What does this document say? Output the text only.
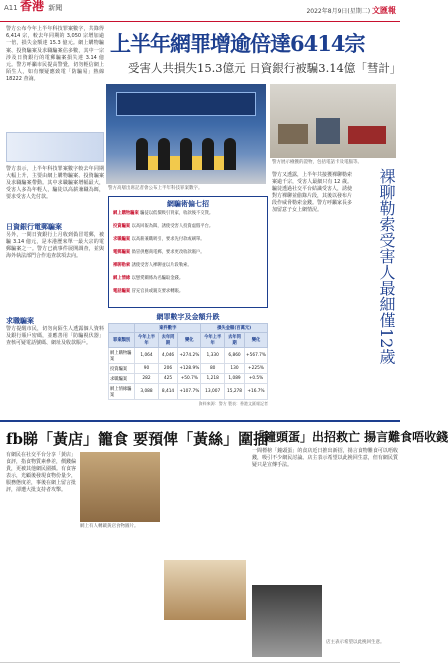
A11 香港 新聞	2022年8月9日(星期二) 文匯報
上半年網罪增逾倍達6414宗
受害人共損失15.3億元 日資銀行被騙3.14億「彗計」
警方公布今年上半年科技罪案數字，共錄得 6,414 宗，較去年同期的 3,050 宗增加逾一倍，損失金額達 15.3 億元。網上購物騙案、投資騙案及求職騙案佔多數，其中一宗涉及日資銀行的電郵騙案損失達 3.14 億元。警方呼籲市民提高警覺，切勿輕信網上陌生人，如有懷疑應致電「防騙易」熱線 18222 查詢。
警方表示，上半年科技罪案數字較去年同期大幅上升，主要由網上購物騙案、投資騙案及求職騙案帶動。其中求職騙案增幅最大，受害人多為年輕人，騙徒以高薪兼職為餌，要求受害人先付款。
日資銀行電郵騙案
另外，一間日資銀行上月收到偽冒電郵，被騙 3.14 億元，是本港歷來單一最大宗的電郵騙案之一。警方已就事件展開調查，並與海外執法部門合作追查款項去向。
求職騙案
警方提醒市民，切勿向陌生人透露個人資料及銀行賬戶密碼，並應善用「防騙視伏器」查核可疑電話號碼、網址及收款賬戶。
警方高層出席記者會公布上半年科技罪案數字。
警方展示檢獲的證物，包括電話卡及電腦等。
警方又透露，上半年共接獲裸聊勒索案逾千宗，受害人最細只有 12 歲。騙徒透過社交平台結識受害人，誘使對方裸聊並偷錄片段，其後以發布片段作威脅勒索金錢。警方呼籲家長多加留意子女上網情況。	裸聊勒索受害人最細僅12歲
網騙術偏七招
網上購物騙案 騙徒以低價吸引買家，收款後不交貨。
投資騙案 以高回報為餌，誘使受害人投資虛假平台。
求職騙案 以高薪兼職吸引，要求先付款或刷單。
電郵騙案 偽冒供應商電郵，要求更改收款賬戶。
裸聊勒索 誘使受害人裸聊並以片段勒索。
網上情緣 以戀愛關係為名騙取金錢。
電話騙案 冒充官員或親友要求轉賬。
網罪數字及金額升跌
	案件數字			損失金額(百萬元)		
罪案類別	今年上半年	去年同期	變化	今年上半年	去年同期	變化
網上購物騙案	1,064	4,046	+274.2%	1,330	6,860	+567.7%
投資騙案	90	206	+128.9%	80	130	+225%
求職騙案	282	425	+50.7%	1,218	1,089	+0.5%
網上情緣騙案	3,088	8,414	+107.7%	13,007	15,278	+16.7%
資料來源：警方 製表：香港文匯報記者
fb睇「黃店」籠食 要預俾「黃絲」圍插
「鐘頭蛋」出招救亡 揚言難食唔收錢
有網民在社交平台分享「黃店」食評，指食物質素參差，價錢偏貴，更被其他網民圍插。有食客表示，光顧後發現食物份量少，服務態度差，事後在網上留言批評，卻遭大批支持者攻擊。
網上有人轉載黃店食物圖片。
一間標榜「鐘頭蛋」的食店近日推出新招，揚言食物難食可以唔收錢，吸引不少網民討論。店主表示希望以此挽回生意，但有網民質疑只是宣傳手法。
店主表示希望以此挽回生意。
